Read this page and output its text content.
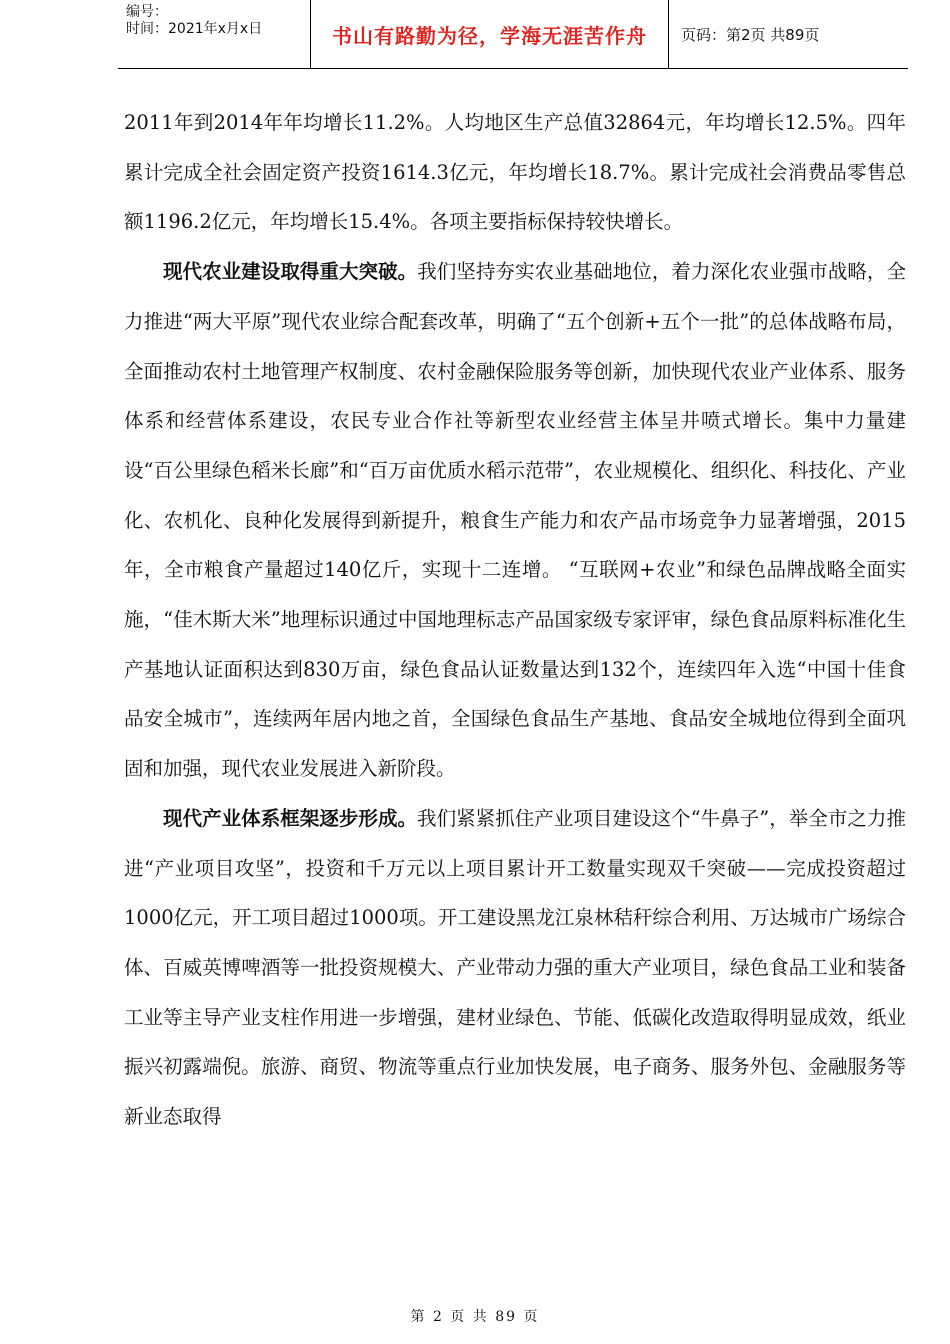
编号：
时间：2021年x月x日	书山有路勤为径，学海无涯苦作舟	页码：第2页 共89页

2011年到2014年年均增长11.2%。人均地区生产总值32864元，年均增长12.5%。四年累计完成全社会固定资产投资1614.3亿元，年均增长18.7%。累计完成社会消费品零售总额1196.2亿元，年均增长15.4%。各项主要指标保持较快增长。

现代农业建设取得重大突破。我们坚持夯实农业基础地位，着力深化农业强市战略，全力推进“两大平原”现代农业综合配套改革，明确了“五个创新+五个一批”的总体战略布局，全面推动农村土地管理产权制度、农村金融保险服务等创新，加快现代农业产业体系、服务体系和经营体系建设，农民专业合作社等新型农业经营主体呈井喷式增长。集中力量建设“百公里绿色稻米长廊”和“百万亩优质水稻示范带”，农业规模化、组织化、科技化、产业化、农机化、良种化发展得到新提升，粮食生产能力和农产品市场竞争力显著增强，2015年，全市粮食产量超过140亿斤，实现十二连增。 “互联网+农业”和绿色品牌战略全面实施，“佳木斯大米”地理标识通过中国地理标志产品国家级专家评审，绿色食品原料标准化生产基地认证面积达到830万亩，绿色食品认证数量达到132个，连续四年入选“中国十佳食品安全城市”，连续两年居内地之首，全国绿色食品生产基地、食品安全城地位得到全面巩固和加强，现代农业发展进入新阶段。

现代产业体系框架逐步形成。我们紧紧抓住产业项目建设这个“牛鼻子”，举全市之力推进“产业项目攻坚”，投资和千万元以上项目累计开工数量实现双千突破——完成投资超过1000亿元，开工项目超过1000项。开工建设黑龙江泉林秸秆综合利用、万达城市广场综合体、百威英博啤酒等一批投资规模大、产业带动力强的重大产业项目，绿色食品工业和装备工业等主导产业支柱作用进一步增强，建材业绿色、节能、低碳化改造取得明显成效，纸业振兴初露端倪。旅游、商贸、物流等重点行业加快发展，电子商务、服务外包、金融服务等新业态取得

第 2 页 共 89 页
